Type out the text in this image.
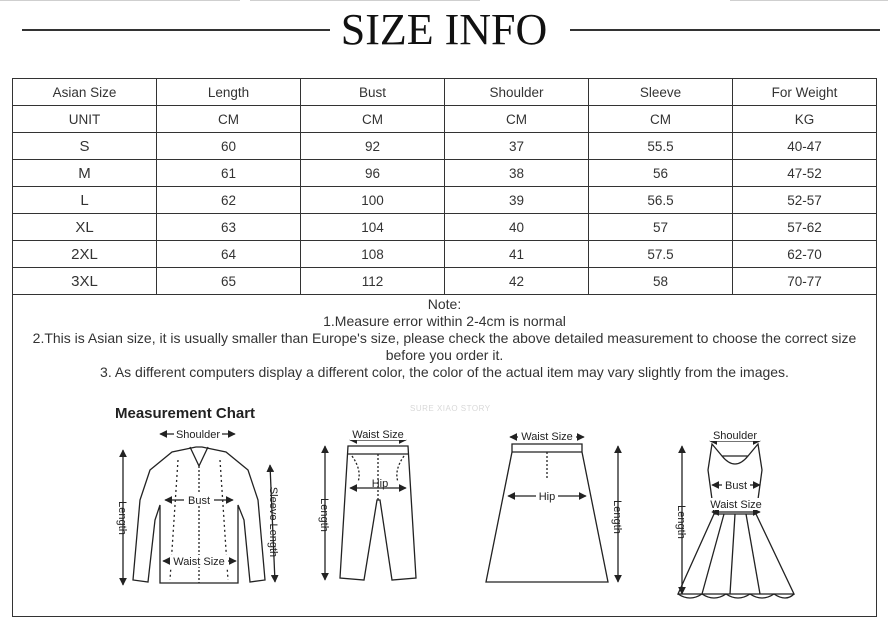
SIZE INFO
Asian Size	Length	Bust	Shoulder	Sleeve	For Weight
UNIT	CM	CM	CM	CM	KG
S	60	92	37	55.5	40-47
M	61	96	38	56	47-52
L	62	100	39	56.5	52-57
XL	63	104	40	57	57-62
2XL	64	108	41	57.5	62-70
3XL	65	112	42	58	70-77
Note:
1.Measure error within 2-4cm is normal
2.This is Asian size, it is usually smaller than Europe's size, please check the above detailed measurement to choose the correct size before you order it.
3. As different computers display a different color, the color of the actual item may vary slightly from the images.
Measurement Chart	SURE XIAO STORY
Shoulder
Bust
Waist Size
Length	Sleeve Length
Waist Size
Hip
Length
Waist Size
Hip
Length
Shoulder
Bust
Waist Size
Length
